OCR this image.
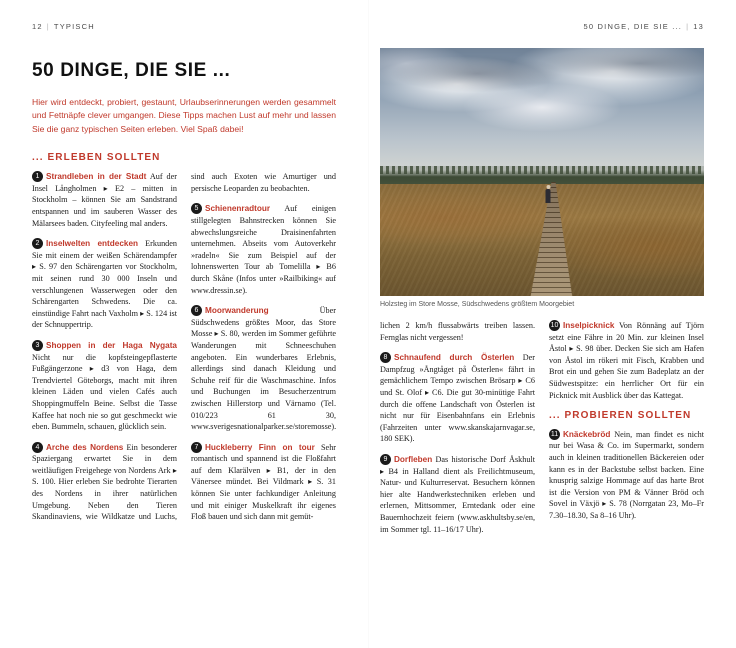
12 | TYPISCH	50 DINGE, DIE SIE ... | 13
50 DINGE, DIE SIE ...

Hier wird entdeckt, probiert, gestaunt, Urlaubserinnerungen werden gesammelt und Fettnäpfe clever umgangen. Diese Tipps machen Lust auf mehr und lassen Sie die ganz typischen Seiten erleben. Viel Spaß dabei!

... ERLEBEN SOLLTEN

1 Strandleben in der Stadt Auf der Insel Långholmen ▸ E2 – mitten in Stockholm – können Sie am Sandstrand entspannen und im sauberen Wasser des Mälarsees baden. Cityfeeling mal anders.

2 Inselwelten entdecken Erkunden Sie mit einem der weißen Schärendampfer ▸ S. 97 den Schärengarten vor Stockholm, mit seinen rund 30 000 Inseln und verschlungenen Wasserwegen oder den Schärengarten Schwedens. Die ca. einstündige Fahrt nach Vaxholm ▸ S. 124 ist der Schnuppertrip.

3 Shoppen in der Haga Nygata Nicht nur die kopfsteingepflasterte Fußgängerzone ▸ d3 von Haga, dem Trendviertel Göteborgs, macht mit ihren kleinen Läden und vielen Cafés auch Shoppingmuffeln Beine. Selbst die Tasse Kaffee hat noch nie so gut geschmeckt wie eben. Bummeln, schauen, glücklich sein.

4 Arche des Nordens Ein besonderer Spaziergang erwartet Sie in dem weitläufigen Freigehege von Nordens Ark ▸ S. 100. Hier erleben Sie bedrohte Tierarten des Nordens in ihrer natürlichen Umgebung. Neben den Tieren Skandinaviens, wie Wildkatze und Luchs, sind auch Exoten wie Amurtiger und persische Leoparden zu beobachten.

5 Schienenradtour Auf einigen stillgelegten Bahnstrecken können Sie abwechslungsreiche Draisinenfahrten unternehmen. Abseits vom Autoverkehr »radeln« Sie zum Beispiel auf der lohnenswerten Tour ab Tomelilla ▸ B6 durch Skåne (Infos unter »Railbiking« auf www.dressin.se).

6 Moorwanderung	Über Südschwedens größtes Moor, das Store Mosse ▸ S. 80, werden im Sommer geführte Wanderungen mit Schneeschuhen angeboten. Ein wunderbares Erlebnis, allerdings sind danach Kleidung und Schuhe reif für die Waschmaschine. Infos und Buchungen im Besucherzentrum zwischen Hillerstorp und Värnamo (Tel. 010/223 61 30, www.sverigesnationalparker.se/storemosse).

7 Huckleberry Finn on tour Sehr romantisch und spannend ist die Floßfahrt auf dem Klarälven ▸ B1, der in den Vänersee mündet. Bei Vildmark ▸ S. 31 können Sie unter fachkundiger Anleitung und mit einiger Muskelkraft ihr eigenes Floß bauen und sich dann mit gemüt-

Holzsteg im Store Mosse, Südschwedens größtem Moorgebiet

lichen 2 km/h flussabwärts treiben lassen. Fernglas nicht vergessen!

8 Schnaufend durch Österlen Der Dampfzug »Ångtåget på Österlen« fährt in gemächlichem Tempo zwischen Brösarp ▸ C6 und St. Olof ▸ C6. Die gut 30-minütige Fahrt durch die offene Landschaft von Österlen ist nicht nur für Eisenbahnfans ein Erlebnis (Fahrzeiten unter www.skanskajarnvagar.se, 180 SEK).

9 Dorfleben Das historische Dorf Åskhult ▸ B4 in Halland dient als Freilichtmuseum, Natur- und Kulturreservat. Besuchern können hier alte Handwerkstechniken erleben und erlernen, Mittsommer, Erntedank oder eine Bauernhochzeit feiern (www.askhultsby.se/en, im Sommer tgl. 11–16/17 Uhr).

10 Inselpicknick Von Rönnäng auf Tjörn setzt eine Fähre in 20 Min. zur kleinen Insel Åstol ▸ S. 98 über. Decken Sie sich am Hafen von Åstol im rökeri mit Fisch, Krabben und Brot ein und gehen Sie zum Badeplatz an der Südwestspitze: ein herrlicher Ort für ein Picknick mit Ausblick über das Kattegat.

... PROBIEREN SOLLTEN

11 Knäckebröd Nein, man findet es nicht nur bei Wasa & Co. im Supermarkt, sondern auch in kleinen traditionellen Bäckereien oder kann es in der Backstube selbst backen. Eine knusprig salzige Hommage auf das harte Brot ist die Version von PM & Vänner Bröd och Sovel in Växjö ▸ S. 78 (Norrgatan 23, Mo–Fr 7.30–18.30, Sa 8–16 Uhr).
